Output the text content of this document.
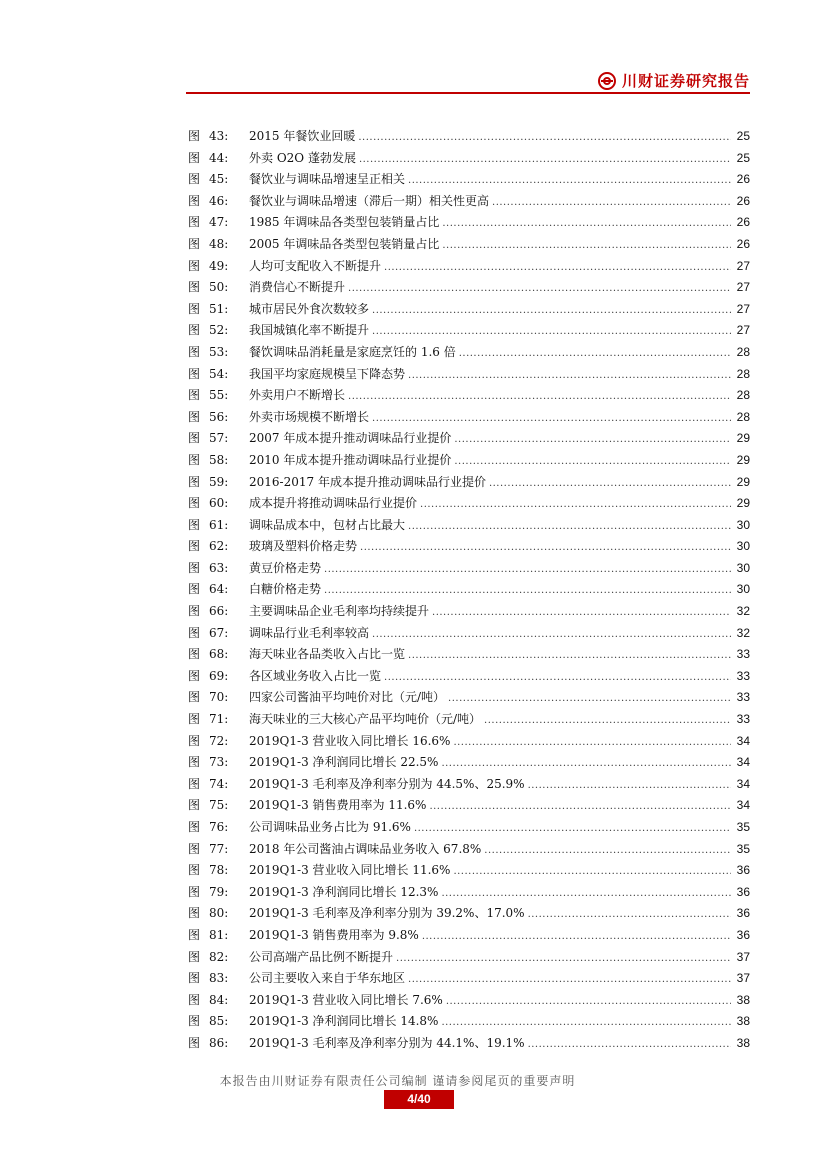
川财证券研究报告
图 43:	2015 年餐饮业回暖 .....	25
图 44:	外卖 O2O 蓬勃发展 .....	25
图 45:	餐饮业与调味品增速呈正相关 .....	26
图 46:	餐饮业与调味品增速（滞后一期）相关性更高 .....	26
图 47:	1985 年调味品各类型包装销量占比 .....	26
图 48:	2005 年调味品各类型包装销量占比 .....	26
图 49:	人均可支配收入不断提升 .....	27
图 50:	消费信心不断提升 .....	27
图 51:	城市居民外食次数较多 .....	27
图 52:	我国城镇化率不断提升 .....	27
图 53:	餐饮调味品消耗量是家庭烹饪的 1.6 倍 .....	28
图 54:	我国平均家庭规模呈下降态势 .....	28
图 55:	外卖用户不断增长 .....	28
图 56:	外卖市场规模不断增长 .....	28
图 57:	2007 年成本提升推动调味品行业提价 .....	29
图 58:	2010 年成本提升推动调味品行业提价 .....	29
图 59:	2016-2017 年成本提升推动调味品行业提价 .....	29
图 60:	成本提升将推动调味品行业提价 .....	29
图 61:	调味品成本中，包材占比最大 .....	30
图 62:	玻璃及塑料价格走势 .....	30
图 63:	黄豆价格走势 .....	30
图 64:	白糖价格走势 .....	30
图 66:	主要调味品企业毛利率均持续提升 .....	32
图 67:	调味品行业毛利率较高 .....	32
图 68:	海天味业各品类收入占比一览 .....	33
图 69:	各区域业务收入占比一览 .....	33
图 70:	四家公司酱油平均吨价对比（元/吨） .....	33
图 71:	海天味业的三大核心产品平均吨价（元/吨） .....	33
图 72:	2019Q1-3 营业收入同比增长 16.6% .....	34
图 73:	2019Q1-3 净利润同比增长 22.5% .....	34
图 74:	2019Q1-3 毛利率及净利率分别为 44.5%、25.9% .....	34
图 75:	2019Q1-3 销售费用率为 11.6% .....	34
图 76:	公司调味品业务占比为 91.6% .....	35
图 77:	2018 年公司酱油占调味品业务收入 67.8% .....	35
图 78:	2019Q1-3 营业收入同比增长 11.6% .....	36
图 79:	2019Q1-3 净利润同比增长 12.3% .....	36
图 80:	2019Q1-3 毛利率及净利率分别为 39.2%、17.0% .....	36
图 81:	2019Q1-3 销售费用率为 9.8% .....	36
图 82:	公司高端产品比例不断提升 .....	37
图 83:	公司主要收入来自于华东地区 .....	37
图 84:	2019Q1-3 营业收入同比增长 7.6% .....	38
图 85:	2019Q1-3 净利润同比增长 14.8% .....	38
图 86:	2019Q1-3 毛利率及净利率分别为 44.1%、19.1% .....	38
本报告由川财证券有限责任公司编制 谨请参阅尾页的重要声明
4/40
